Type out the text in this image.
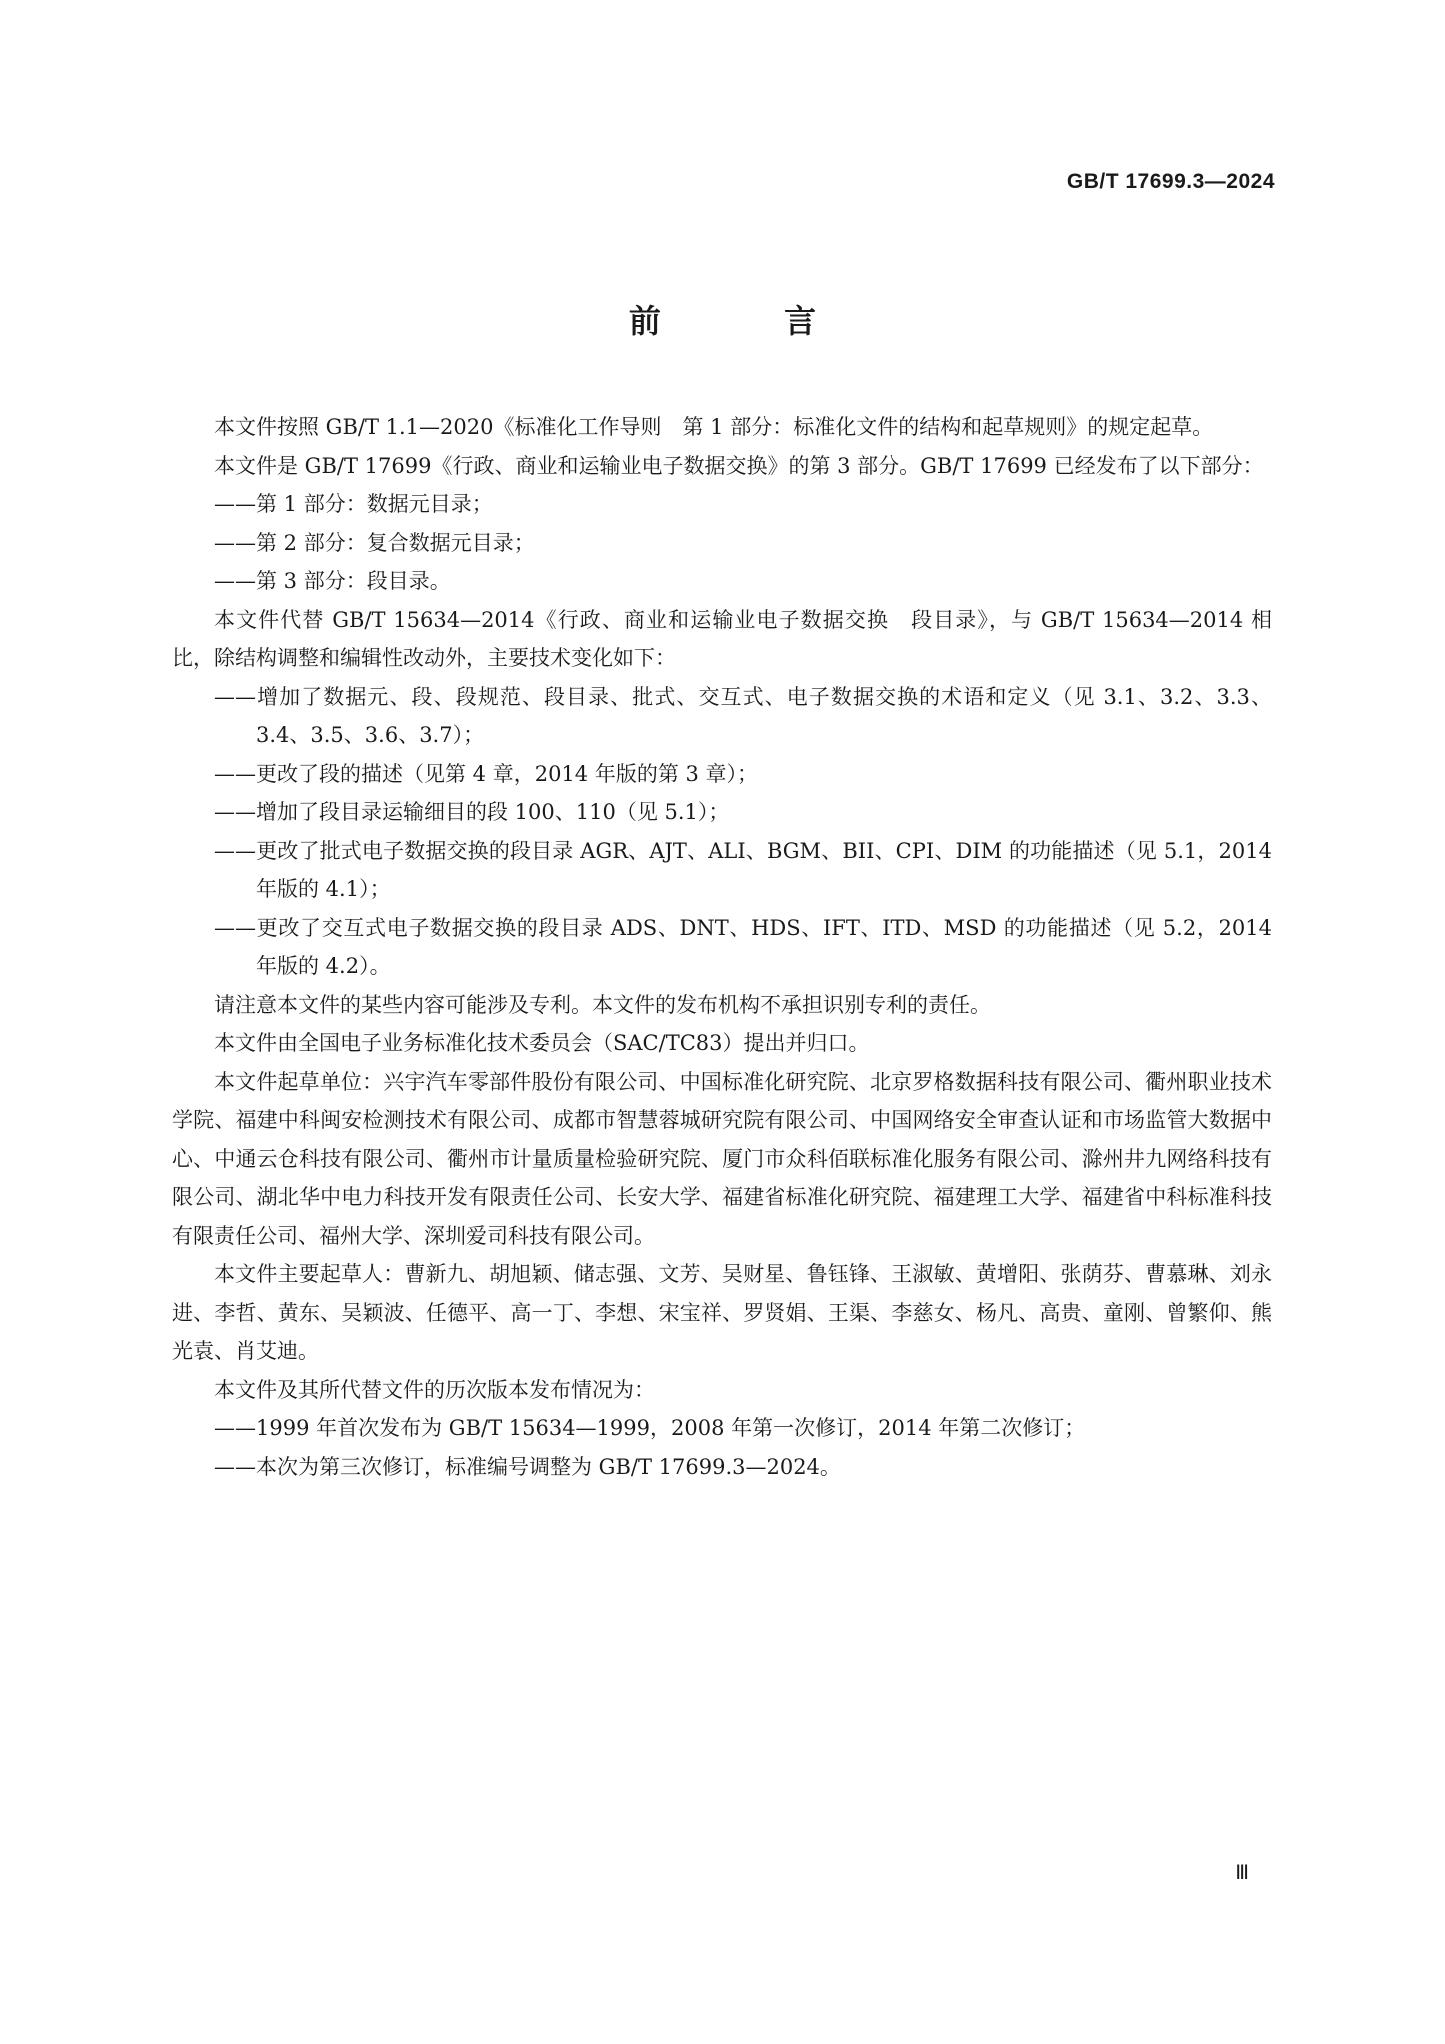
GB/T 17699.3—2024
前 言

本文件按照 GB/T 1.1—2020《标准化工作导则　第 1 部分：标准化文件的结构和起草规则》的规定起草。

本文件是 GB/T 17699《行政、商业和运输业电子数据交换》的第 3 部分。GB/T 17699 已经发布了以下部分：

——第 1 部分：数据元目录；

——第 2 部分：复合数据元目录；

——第 3 部分：段目录。

本文件代替 GB/T 15634—2014《行政、商业和运输业电子数据交换　段目录》，与 GB/T 15634—2014 相比，除结构调整和编辑性改动外，主要技术变化如下：

——增加了数据元、段、段规范、段目录、批式、交互式、电子数据交换的术语和定义（见 3.1、3.2、3.3、3.4、3.5、3.6、3.7）；

——更改了段的描述（见第 4 章，2014 年版的第 3 章）；

——增加了段目录运输细目的段 100、110（见 5.1）；

——更改了批式电子数据交换的段目录 AGR、AJT、ALI、BGM、BII、CPI、DIM 的功能描述（见 5.1，2014 年版的 4.1）；

——更改了交互式电子数据交换的段目录 ADS、DNT、HDS、IFT、ITD、MSD 的功能描述（见 5.2，2014 年版的 4.2）。

请注意本文件的某些内容可能涉及专利。本文件的发布机构不承担识别专利的责任。

本文件由全国电子业务标准化技术委员会（SAC/TC83）提出并归口。

本文件起草单位：兴宇汽车零部件股份有限公司、中国标准化研究院、北京罗格数据科技有限公司、衢州职业技术学院、福建中科闽安检测技术有限公司、成都市智慧蓉城研究院有限公司、中国网络安全审查认证和市场监管大数据中心、中通云仓科技有限公司、衢州市计量质量检验研究院、厦门市众科佰联标准化服务有限公司、滁州井九网络科技有限公司、湖北华中电力科技开发有限责任公司、长安大学、福建省标准化研究院、福建理工大学、福建省中科标准科技有限责任公司、福州大学、深圳爱司科技有限公司。

本文件主要起草人：曹新九、胡旭颖、储志强、文芳、吴财星、鲁钰锋、王淑敏、黄增阳、张荫芬、曹慕琳、刘永进、李哲、黄东、吴颖波、任德平、高一丁、李想、宋宝祥、罗贤娟、王渠、李慈女、杨凡、高贵、童刚、曾繁仰、熊光袁、肖艾迪。

本文件及其所代替文件的历次版本发布情况为：

——1999 年首次发布为 GB/T 15634—1999，2008 年第一次修订，2014 年第二次修订；

——本次为第三次修订，标准编号调整为 GB/T 17699.3—2024。

Ⅲ
